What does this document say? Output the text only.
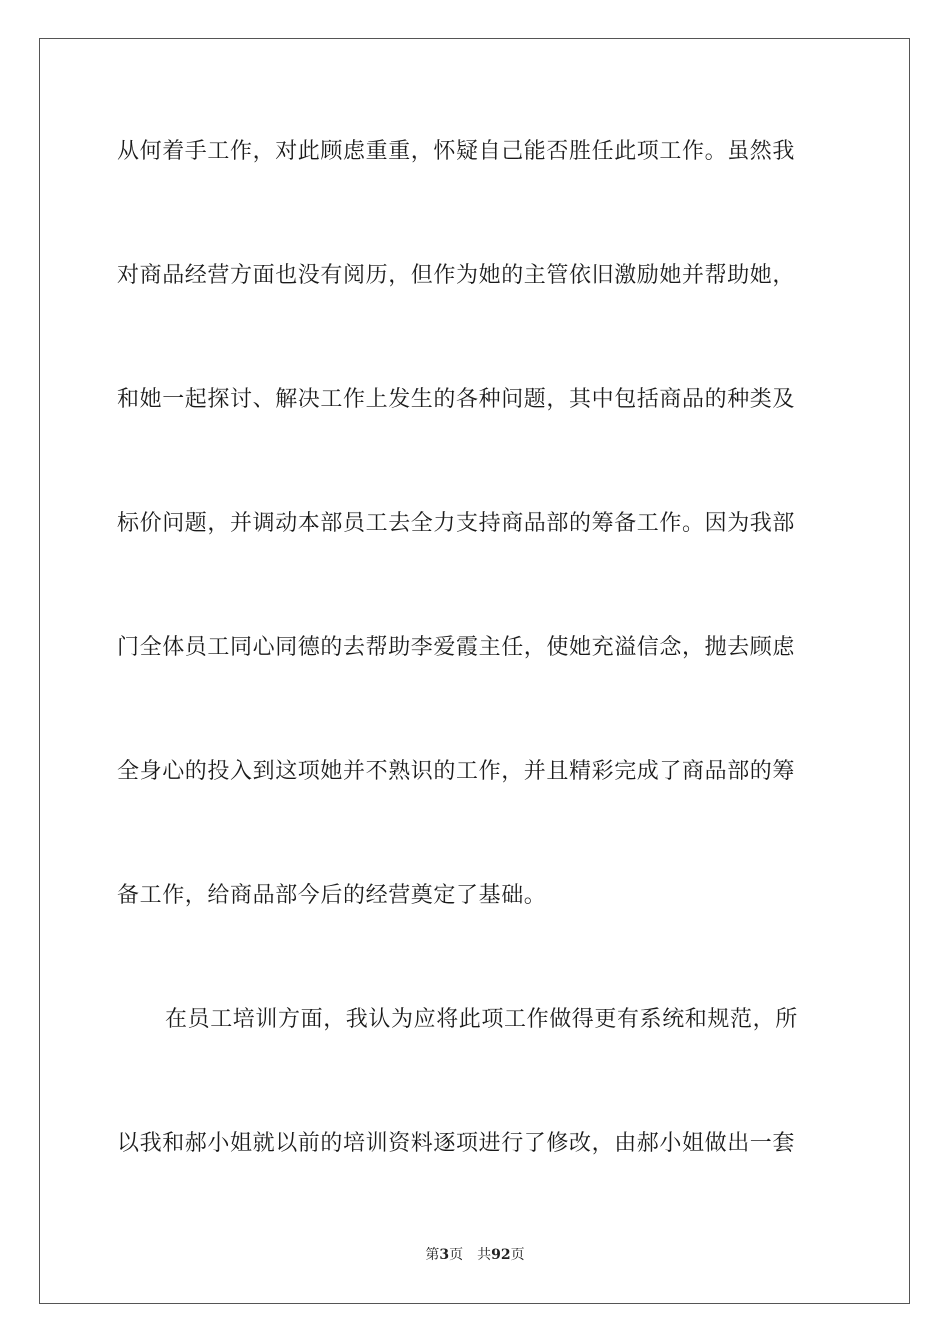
从何着手工作，对此顾虑重重，怀疑自己能否胜任此项工作。虽然我
对商品经营方面也没有阅历，但作为她的主管依旧激励她并帮助她，
和她一起探讨、解决工作上发生的各种问题，其中包括商品的种类及
标价问题，并调动本部员工去全力支持商品部的筹备工作。因为我部
门全体员工同心同德的去帮助李爱霞主任，使她充溢信念，抛去顾虑
全身心的投入到这项她并不熟识的工作，并且精彩完成了商品部的筹
备工作，给商品部今后的经营奠定了基础。
在员工培训方面，我认为应将此项工作做得更有系统和规范，所
以我和郝小姐就以前的培训资料逐项进行了修改，由郝小姐做出一套
第3页 共92页
